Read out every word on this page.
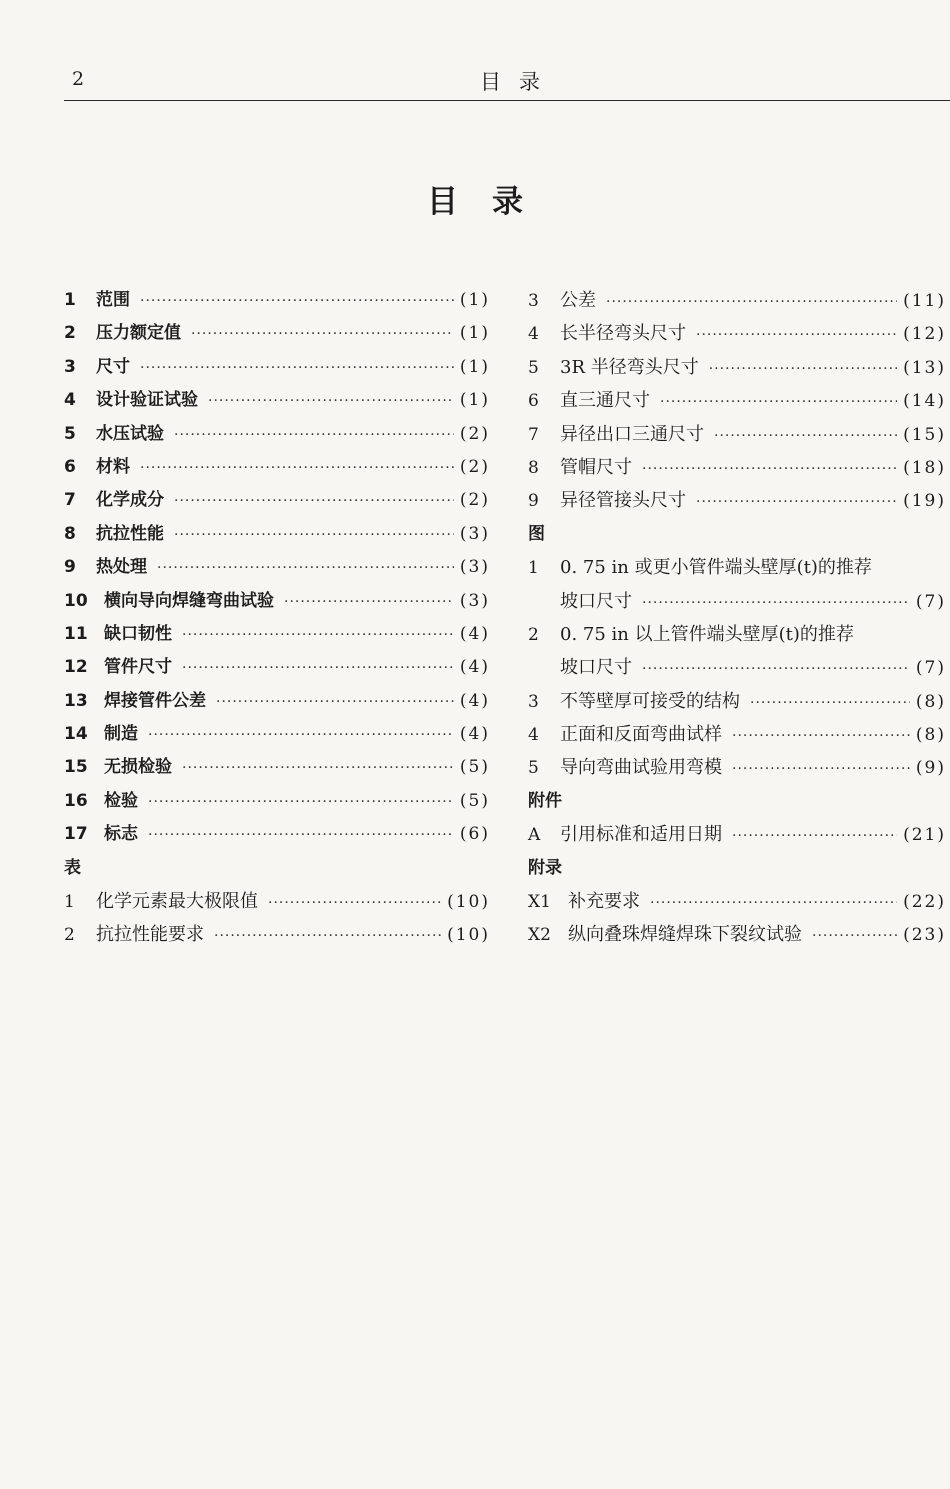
2	目录
目录
1	范围 ·····	(1)
2	压力额定值 ·····	(1)
3	尺寸 ·····	(1)
4	设计验证试验 ·····	(1)
5	水压试验 ·····	(2)
6	材料 ·····	(2)
7	化学成分 ·····	(2)
8	抗拉性能 ·····	(3)
9	热处理 ·····	(3)
10 横向导向焊缝弯曲试验 ·····	(3)
11 缺口韧性 ·····	(4)
12 管件尺寸 ·····	(4)
13 焊接管件公差 ·····	(4)
14 制造 ·····	(4)
15 无损检验 ·····	(5)
16 检验 ·····	(5)
17 标志 ·····	(6)
表
1	化学元素最大极限值 ·····	(10)
2	抗拉性能要求 ·····	(10)
3	公差 ·····	(11)
4	长半径弯头尺寸 ·····	(12)
5	3R 半径弯头尺寸 ·····	(13)
6	直三通尺寸 ·····	(14)
7	异径出口三通尺寸 ·····	(15)
8	管帽尺寸 ·····	(18)
9	异径管接头尺寸 ·····	(19)
图
1	0. 75 in 或更小管件端头壁厚(t)的推荐
坡口尺寸 ·····	(7)
2	0. 75 in 以上管件端头壁厚(t)的推荐
坡口尺寸 ·····	(7)
3	不等壁厚可接受的结构 ·····	(8)
4	正面和反面弯曲试样 ·····	(8)
5	导向弯曲试验用弯模 ·····	(9)
附件
A	引用标准和适用日期 ·····	(21)
附录
X1 补充要求 ·····	(22)
X2 纵向叠珠焊缝焊珠下裂纹试验 ·····	(23)
